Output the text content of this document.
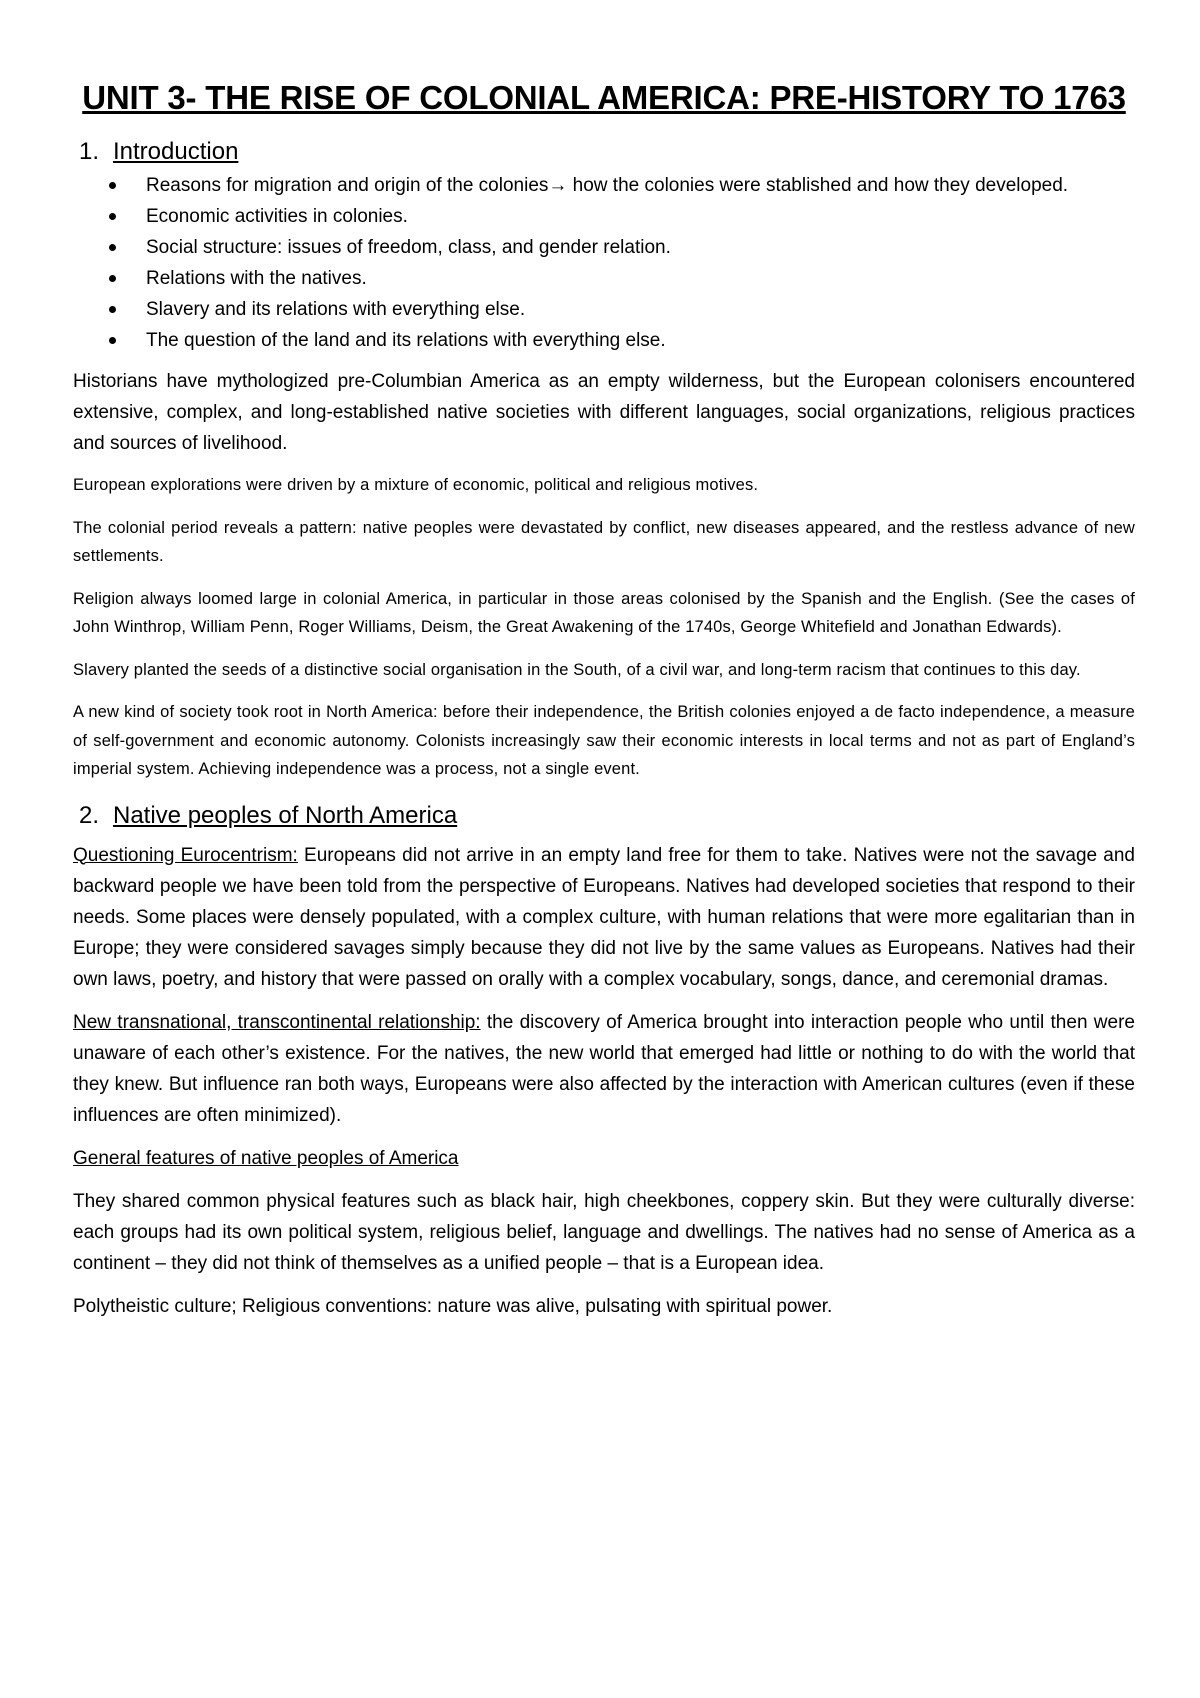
UNIT 3- THE RISE OF COLONIAL AMERICA: PRE-HISTORY TO 1763
1. Introduction
Reasons for migration and origin of the colonies→ how the colonies were stablished and how they developed.
Economic activities in colonies.
Social structure: issues of freedom, class, and gender relation.
Relations with the natives.
Slavery and its relations with everything else.
The question of the land and its relations with everything else.

Historians have mythologized pre-Columbian America as an empty wilderness, but the European colonisers encountered extensive, complex, and long-established native societies with different languages, social organizations, religious practices and sources of livelihood.

European explorations were driven by a mixture of economic, political and religious motives.

The colonial period reveals a pattern: native peoples were devastated by conflict, new diseases appeared, and the restless advance of new settlements.

Religion always loomed large in colonial America, in particular in those areas colonised by the Spanish and the English. (See the cases of John Winthrop, William Penn, Roger Williams, Deism, the Great Awakening of the 1740s, George Whitefield and Jonathan Edwards).

Slavery planted the seeds of a distinctive social organisation in the South, of a civil war, and long-term racism that continues to this day.

A new kind of society took root in North America: before their independence, the British colonies enjoyed a de facto independence, a measure of self-government and economic autonomy. Colonists increasingly saw their economic interests in local terms and not as part of England’s imperial system. Achieving independence was a process, not a single event.

2. Native peoples of North America

Questioning Eurocentrism: Europeans did not arrive in an empty land free for them to take. Natives were not the savage and backward people we have been told from the perspective of Europeans. Natives had developed societies that respond to their needs. Some places were densely populated, with a complex culture, with human relations that were more egalitarian than in Europe; they were considered savages simply because they did not live by the same values as Europeans. Natives had their own laws, poetry, and history that were passed on orally with a complex vocabulary, songs, dance, and ceremonial dramas.

New transnational, transcontinental relationship: the discovery of America brought into interaction people who until then were unaware of each other’s existence. For the natives, the new world that emerged had little or nothing to do with the world that they knew. But influence ran both ways, Europeans were also affected by the interaction with American cultures (even if these influences are often minimized).

General features of native peoples of America

They shared common physical features such as black hair, high cheekbones, coppery skin. But they were culturally diverse: each groups had its own political system, religious belief, language and dwellings. The natives had no sense of America as a continent – they did not think of themselves as a unified people – that is a European idea.

Polytheistic culture; Religious conventions: nature was alive, pulsating with spiritual power.
